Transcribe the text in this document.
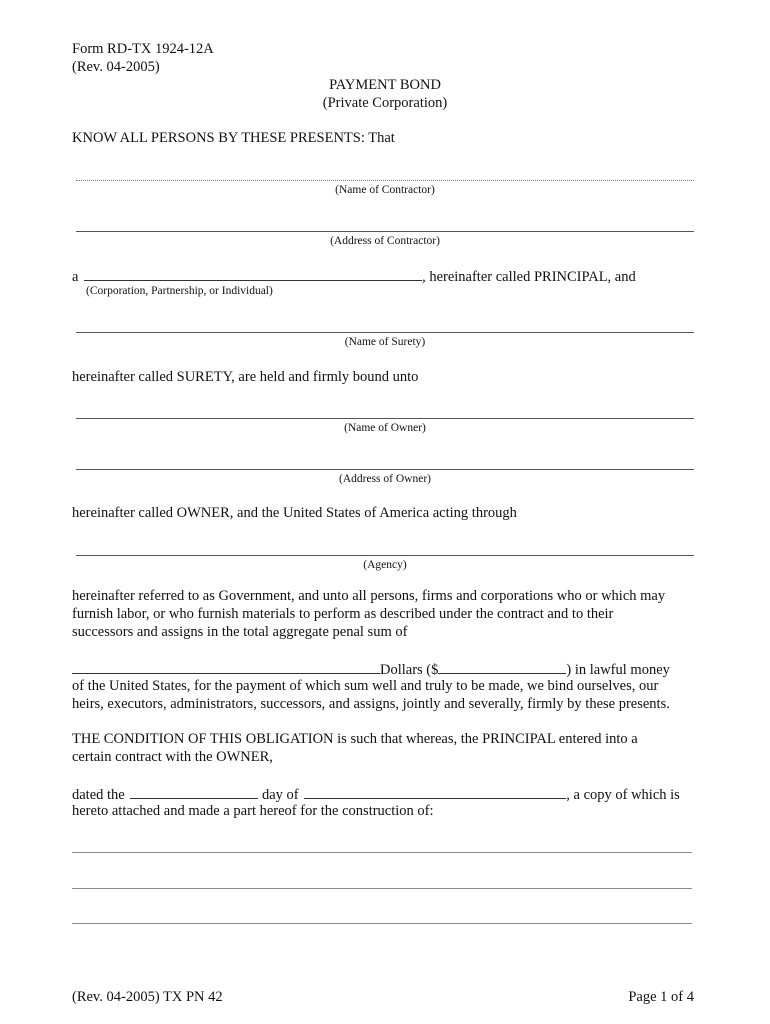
Form RD-TX 1924-12A
(Rev. 04-2005)
PAYMENT BOND
(Private Corporation)
KNOW ALL PERSONS BY THESE PRESENTS: That
(Name of Contractor)
(Address of Contractor)
a	, hereinafter called PRINCIPAL, and
(Corporation, Partnership, or Individual)
(Name of Surety)
hereinafter called SURETY, are held and firmly bound unto
(Name of Owner)
(Address of Owner)
hereinafter called OWNER, and the United States of America acting through
(Agency)
hereinafter referred to as Government, and unto all persons, firms and corporations who or which may
furnish labor, or who furnish materials to perform as described under the contract and to their
successors and assigns in the total aggregate penal sum of
Dollars ($	) in lawful money
of the United States, for the payment of which sum well and truly to be made, we bind ourselves, our
heirs, executors, administrators, successors, and assigns, jointly and severally, firmly by these presents.
THE CONDITION OF THIS OBLIGATION is such that whereas, the PRINCIPAL entered into a
certain contract with the OWNER,
dated the	day of	, a copy of which is
hereto attached and made a part hereof for the construction of:
(Rev. 04-2005) TX PN 42	Page 1 of 4
